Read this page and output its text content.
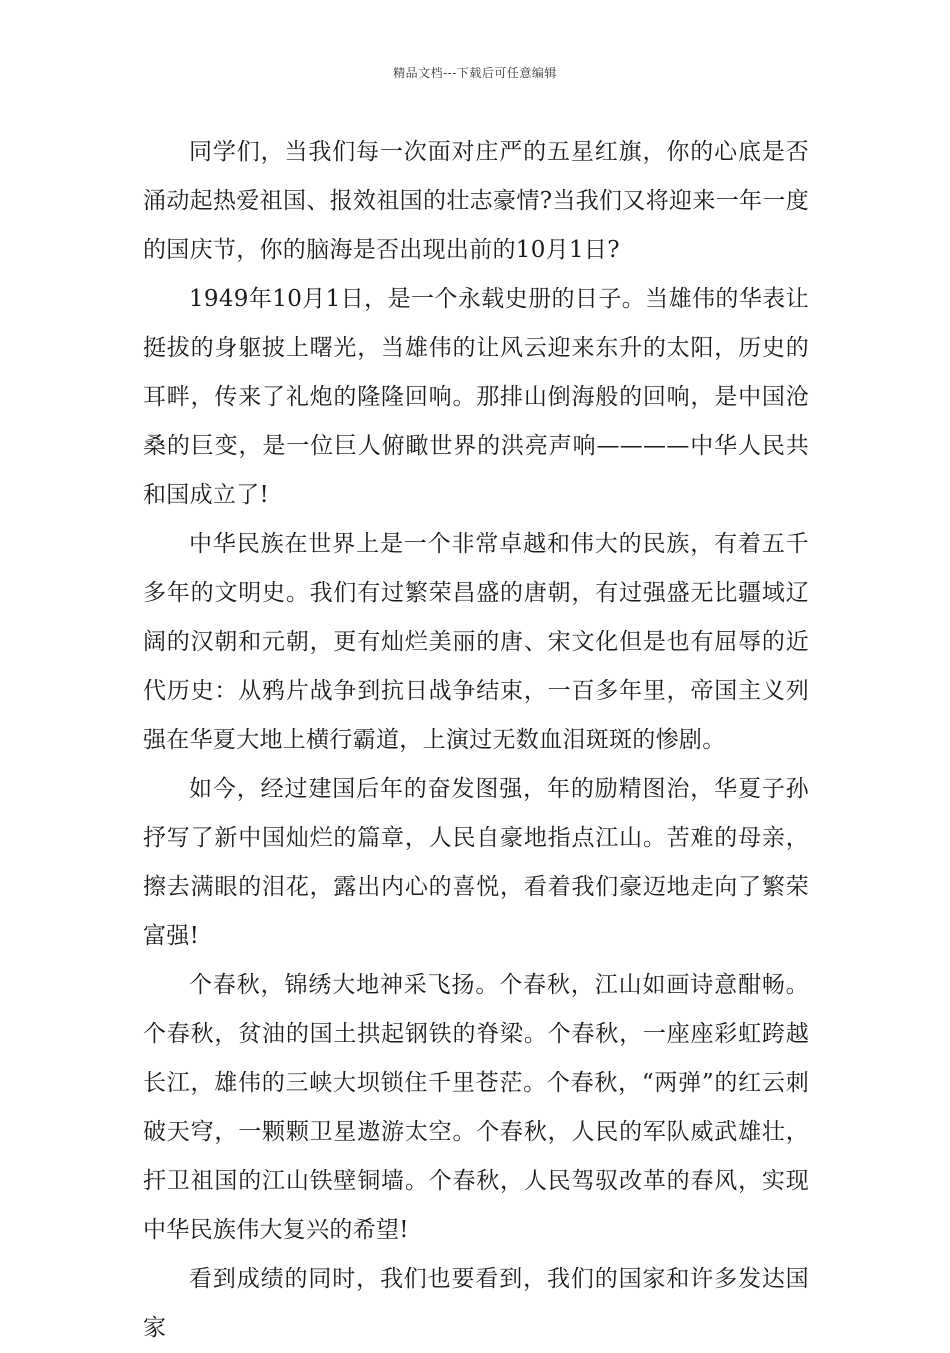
精品文档---下载后可任意编辑

同学们，当我们每一次面对庄严的五星红旗，你的心底是否涌动起热爱祖国、报效祖国的壮志豪情?当我们又将迎来一年一度的国庆节，你的脑海是否出现出前的10月1日?

1949年10月1日，是一个永载史册的日子。当雄伟的华表让挺拔的身躯披上曙光，当雄伟的让风云迎来东升的太阳，历史的耳畔，传来了礼炮的隆隆回响。那排山倒海般的回响，是中国沧桑的巨变，是一位巨人俯瞰世界的洪亮声响————中华人民共和国成立了!

中华民族在世界上是一个非常卓越和伟大的民族，有着五千多年的文明史。我们有过繁荣昌盛的唐朝，有过强盛无比疆域辽阔的汉朝和元朝，更有灿烂美丽的唐、宋文化但是也有屈辱的近代历史：从鸦片战争到抗日战争结束，一百多年里，帝国主义列强在华夏大地上横行霸道，上演过无数血泪斑斑的惨剧。

如今，经过建国后年的奋发图强，年的励精图治，华夏子孙抒写了新中国灿烂的篇章，人民自豪地指点江山。苦难的母亲，擦去满眼的泪花，露出内心的喜悦，看着我们豪迈地走向了繁荣富强!

个春秋，锦绣大地神采飞扬。个春秋，江山如画诗意酣畅。个春秋，贫油的国土拱起钢铁的脊梁。个春秋，一座座彩虹跨越长江，雄伟的三峡大坝锁住千里苍茫。个春秋，“两弹”的红云刺破天穹，一颗颗卫星遨游太空。个春秋，人民的军队威武雄壮，扞卫祖国的江山铁壁铜墙。个春秋，人民驾驭改革的春风，实现中华民族伟大复兴的希望!

看到成绩的同时，我们也要看到，我们的国家和许多发达国家
